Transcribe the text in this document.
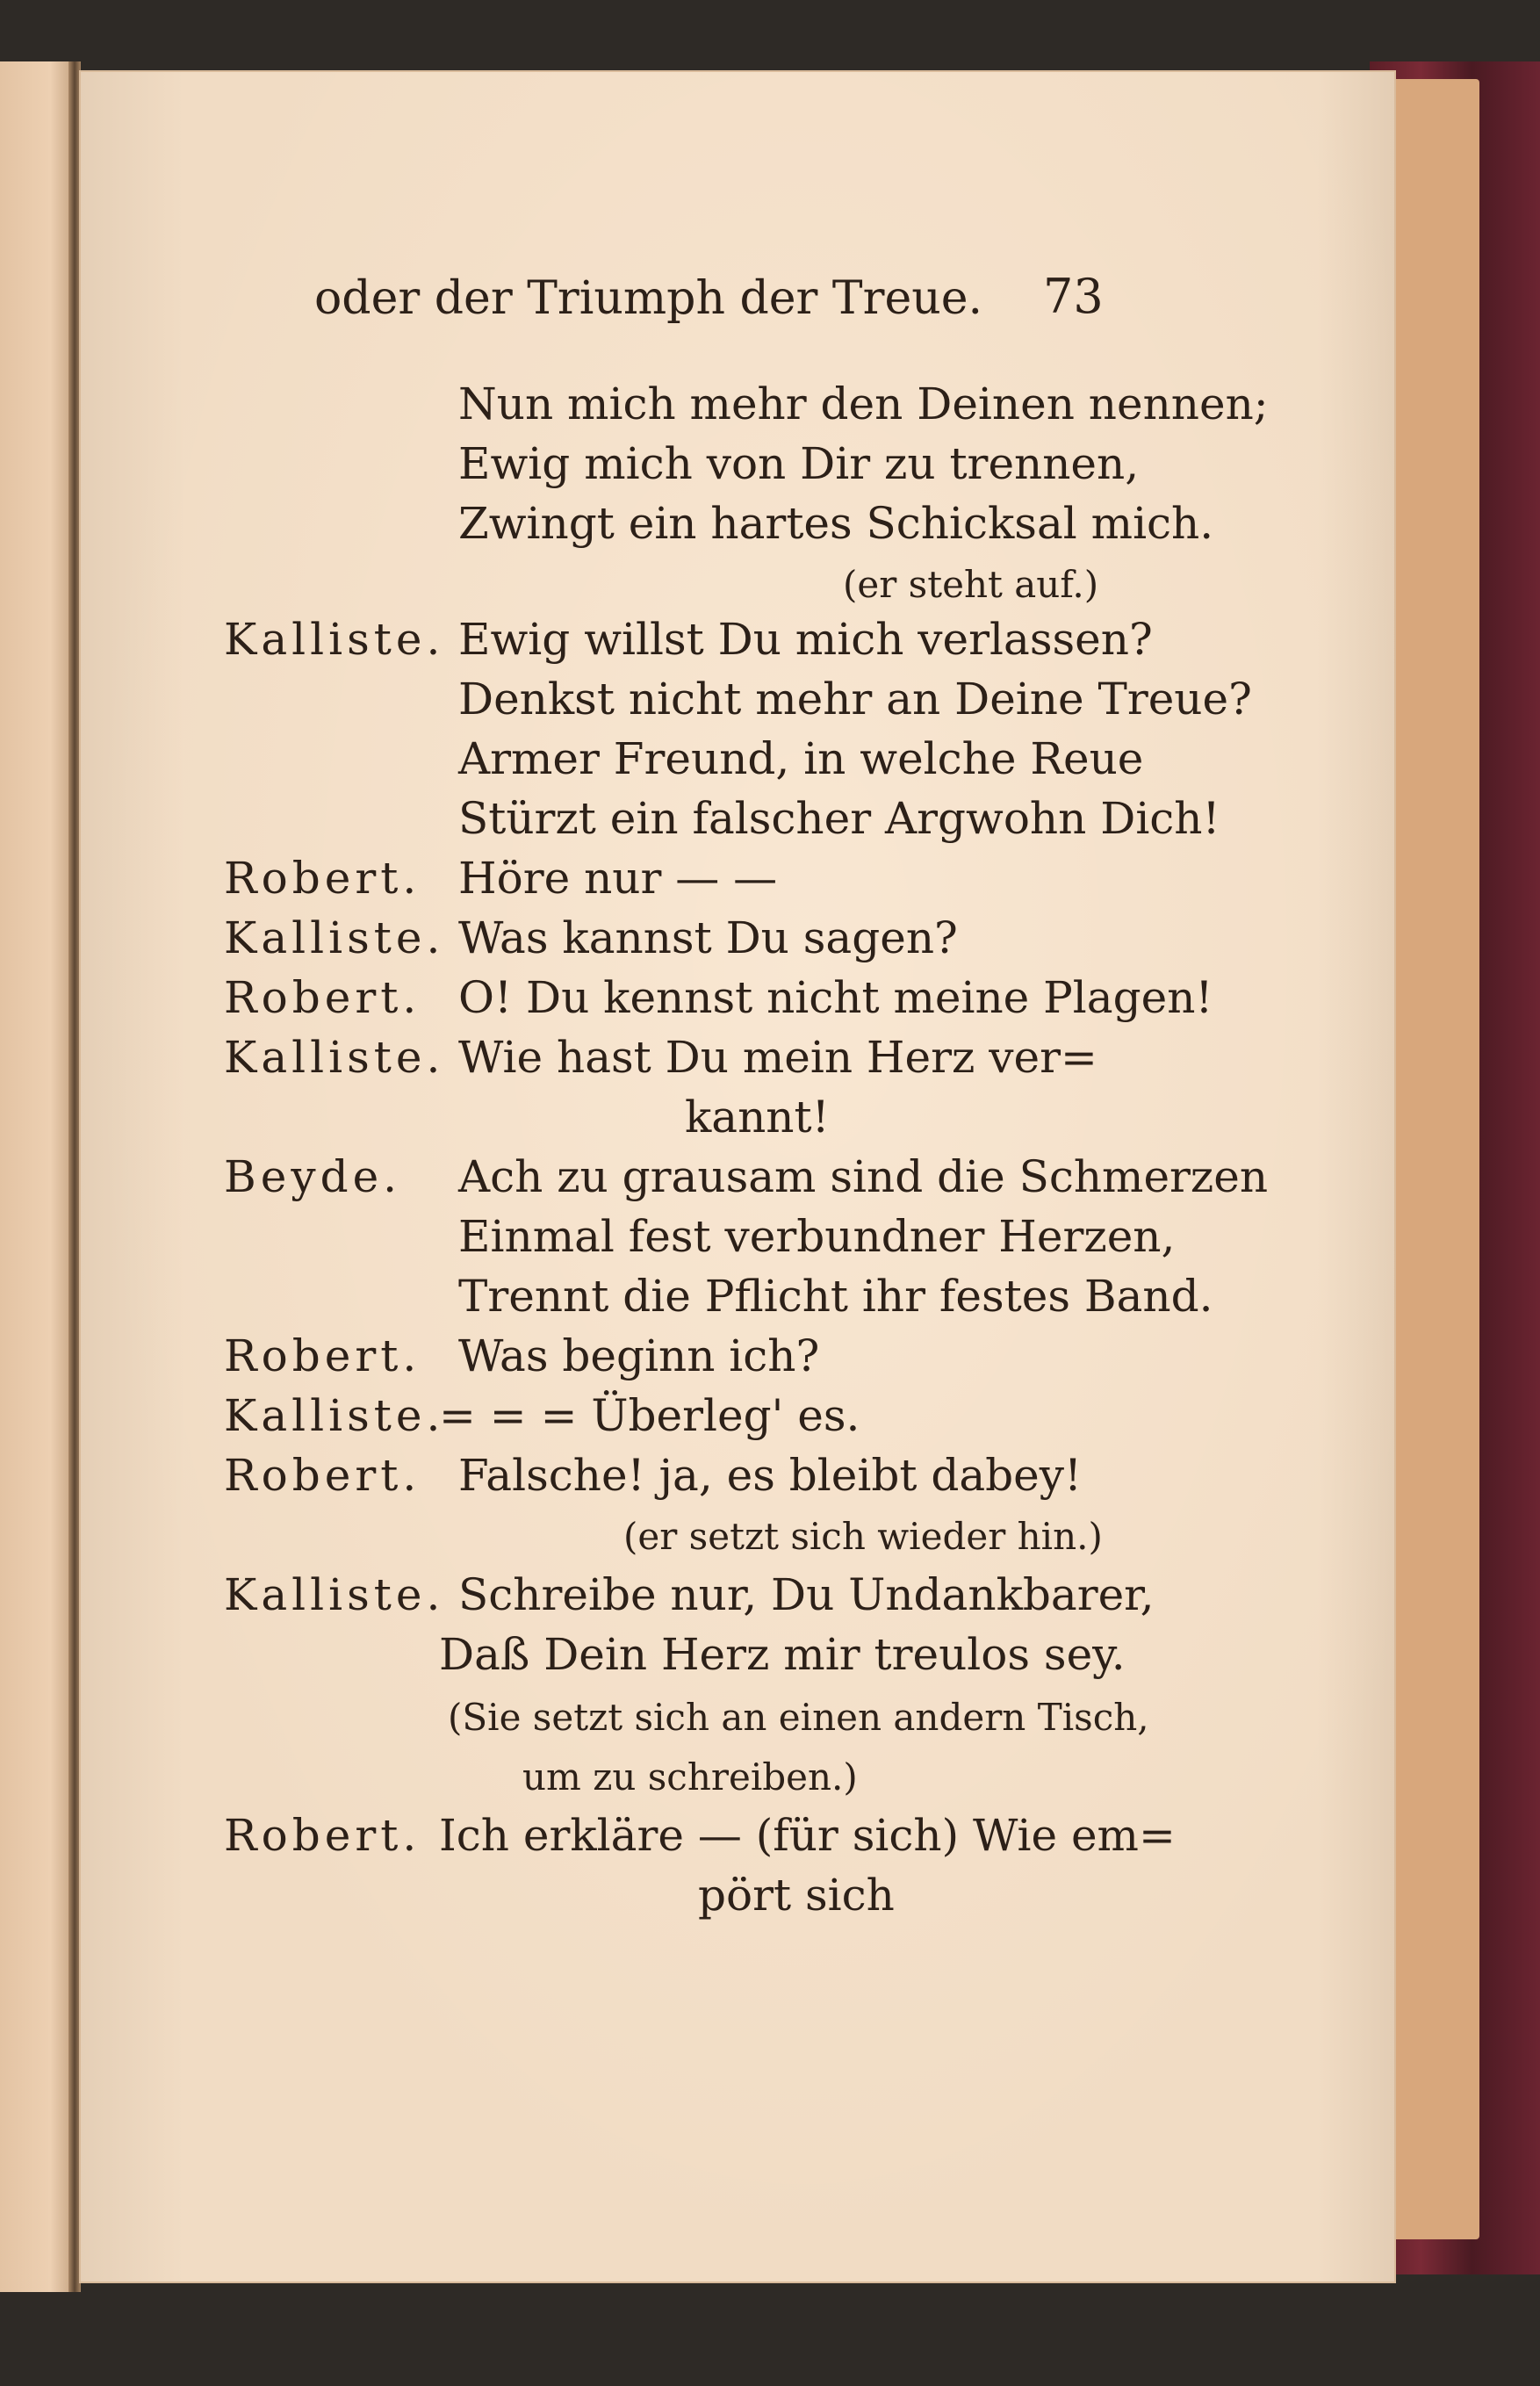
oder der Triumph der Treue. 73
Nun mich mehr den Deinen nennen;
Ewig mich von Dir zu trennen,
Zwingt ein hartes Schicksal mich.
(er steht auf.)
Kalliste. Ewig willst Du mich verlassen?
Denkst nicht mehr an Deine Treue?
Armer Freund, in welche Reue
Stürzt ein falscher Argwohn Dich!
Robert. Höre nur — —
Kalliste. Was kannst Du sagen?
Robert. O! Du kennst nicht meine Plagen!
Kalliste. Wie hast Du mein Herz ver=
kannt!
Beyde. Ach zu grausam sind die Schmerzen
Einmal fest verbundner Herzen,
Trennt die Pflicht ihr festes Band.
Robert. Was beginn ich?
Kalliste.
= = = Überleg' es.
Robert. Falsche! ja, es bleibt dabey!
(er setzt sich wieder hin.)
Kalliste. Schreibe nur, Du Undankbarer,
Daß Dein Herz mir treulos sey.
(Sie setzt sich an einen andern Tisch,
um zu schreiben.)
Robert. Ich erkläre — (für sich) Wie em=
pört sich
